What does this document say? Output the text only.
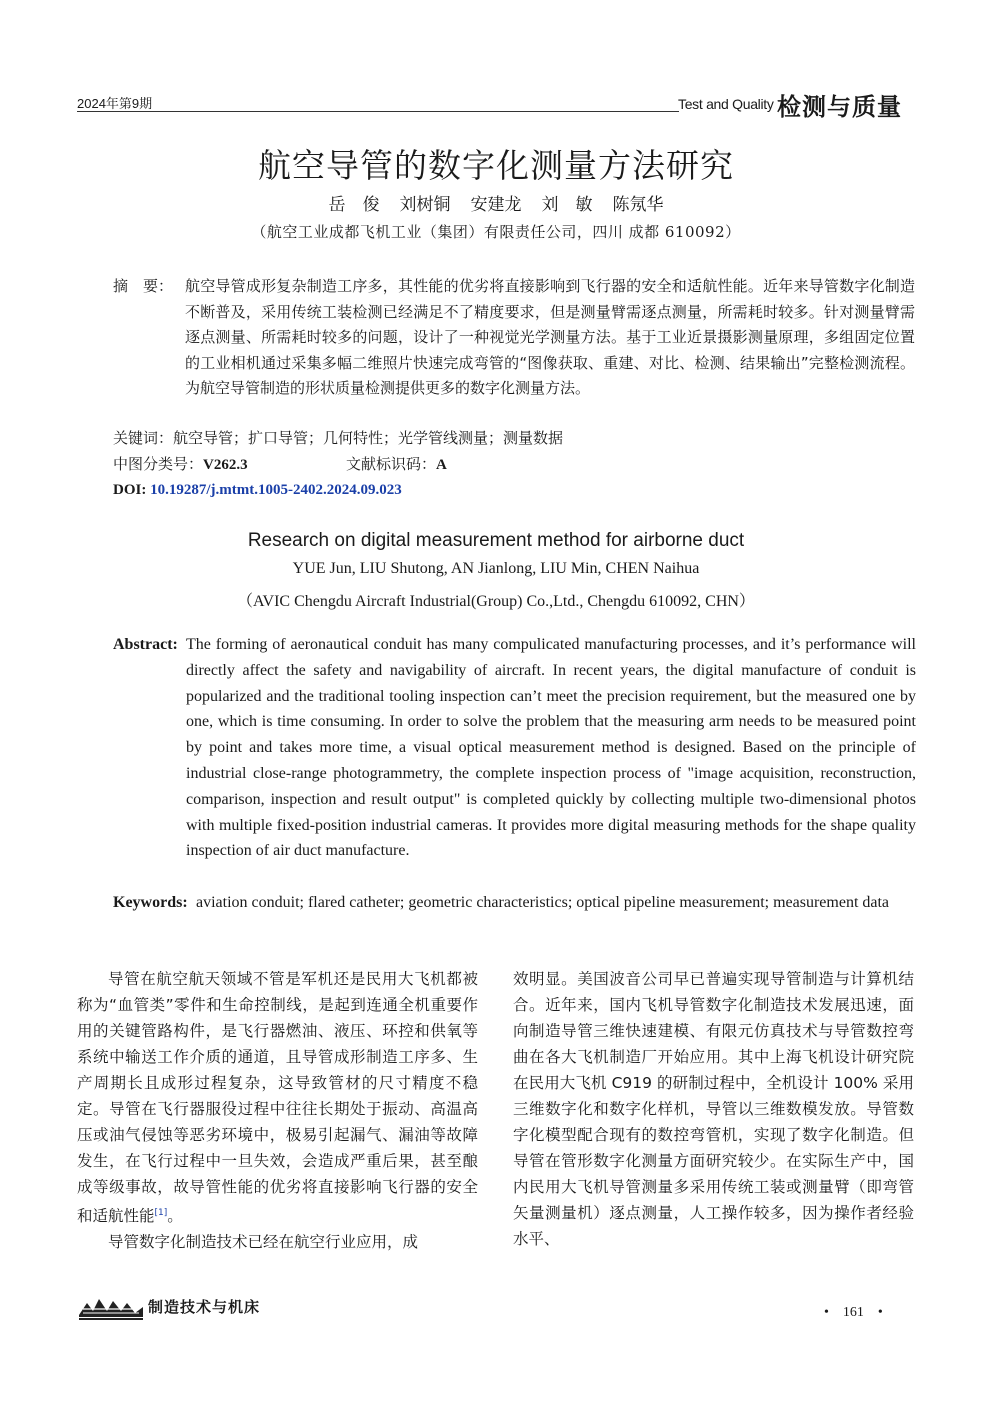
2024年第9期	Test and Quality 检测与质量
航空导管的数字化测量方法研究
岳　俊 刘树铜 安建龙 刘　敏 陈氖华
（航空工业成都飞机工业（集团）有限责任公司，四川 成都 610092）
摘　要： 航空导管成形复杂制造工序多，其性能的优劣将直接影响到飞行器的安全和适航性能。近年来导管数字化制造不断普及，采用传统工装检测已经满足不了精度要求，但是测量臂需逐点测量，所需耗时较多。针对测量臂需逐点测量、所需耗时较多的问题，设计了一种视觉光学测量方法。基于工业近景摄影测量原理，多组固定位置的工业相机通过采集多幅二维照片快速完成弯管的“图像获取、重建、对比、检测、结果输出”完整检测流程。为航空导管制造的形状质量检测提供更多的数字化测量方法。
关键词：航空导管；扩口导管；几何特性；光学管线测量；测量数据
中图分类号：V262.3	文献标识码：A
DOI: 10.19287/j.mtmt.1005-2402.2024.09.023
Research on digital measurement method for airborne duct
YUE Jun, LIU Shutong, AN Jianlong, LIU Min, CHEN Naihua
（AVIC Chengdu Aircraft Industrial(Group) Co.,Ltd., Chengdu 610092, CHN）
Abstract: The forming of aeronautical conduit has many compulicated manufacturing processes, and it’s performance will directly affect the safety and navigability of aircraft. In recent years, the digital manufacture of conduit is popularized and the traditional tooling inspection can’t meet the precision requirement, but the measured one by one, which is time consuming. In order to solve the problem that the measuring arm needs to be measured point by point and takes more time, a visual optical measurement method is designed. Based on the principle of industrial close-range photogrammetry, the complete inspection process of "image acquisition, reconstruction, comparison, inspection and result output" is completed quickly by collecting multiple two-dimensional photos with multiple fixed-position industrial cameras. It provides more digital measuring methods for the shape quality inspection of air duct manufacture.
Keywords: aviation conduit; flared catheter; geometric characteristics; optical pipeline measurement; measurement data

导管在航空航天领域不管是军机还是民用大飞机都被称为“血管类”零件和生命控制线，是起到连通全机重要作用的关键管路构件，是飞行器燃油、液压、环控和供氧等系统中输送工作介质的通道，且导管成形制造工序多、生产周期长且成形过程复杂，这导致管材的尺寸精度不稳定。导管在飞行器服役过程中往往长期处于振动、高温高压或油气侵蚀等恶劣环境中，极易引起漏气、漏油等故障发生，在飞行过程中一旦失效，会造成严重后果，甚至酿成等级事故，故导管性能的优劣将直接影响飞行器的安全和适航性能[1]。

导管数字化制造技术已经在航空行业应用，成

效明显。美国波音公司早已普遍实现导管制造与计算机结合。近年来，国内飞机导管数字化制造技术发展迅速，面向制造导管三维快速建模、有限元仿真技术与导管数控弯曲在各大飞机制造厂开始应用。其中上海飞机设计研究院在民用大飞机 C919 的研制过程中，全机设计 100% 采用三维数字化和数字化样机，导管以三维数模发放。导管数字化模型配合现有的数控弯管机，实现了数字化制造。但导管在管形数字化测量方面研究较少。在实际生产中，国内民用大飞机导管测量多采用传统工装或测量臂（即弯管矢量测量机）逐点测量，人工操作较多，因为操作者经验水平、

制造技术与机床	•　161　•
